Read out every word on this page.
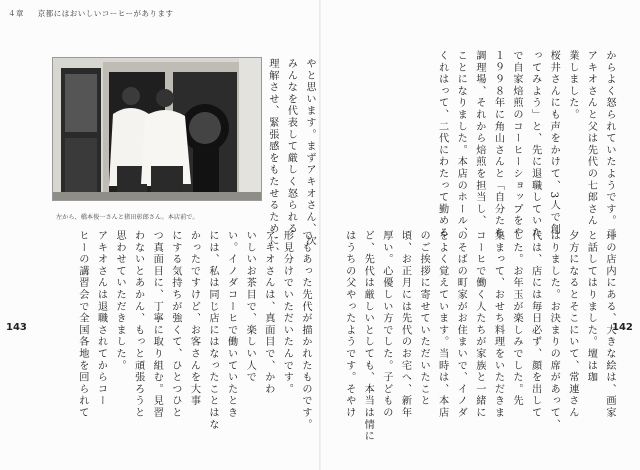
４章 　 京都にはおいしいコーヒーがあります
左から、橋本俊一さんと猪田彰郎さん。本店前で。	やと思います。まずアキオさん、次

みんなを代表して厳しく怒られる

理解させ、緊張感をもたせるために、

でもあった先代が描かれたものです。

形見分けでいただいたんです。

アキオさんは、真面目で、かわ

いしいお茶目で、楽しい人で

い。イノダコーヒで働いていたとき

には、私は同じ店にはなったことはな

かったですけど、お客さんを大事

にする気持ちが強くて、ひとつひと

つ真面目に、丁寧に取り組む。見習

わないとあかん、もっと頑張ろうと

思わせていただきました。

アキオさんは退職されてからコー

ヒーの講習会で全国各地を回られて

143

からよく怒られていたようです。二

アキオさんと父は先代の七郎さん

業しました。

桜井さんにも声をかけて、3人で創

ってみよう」と、先に退職していた

で自家焙煎のコーヒーショップをや

１９９８年に角山さんと「自分たち

調理場、それから焙煎を担当し、

ことになりました。本店のホール、

くれはって、二代にわたって勤める

琲の店内にある、大きな絵は、画家

と話してはりました。壇は珈

夕方になるとそこにいて、常連さん

はりました。お決まりの席があって、

代は、店には毎日必ず、顔を出して

した。お年玉が楽しみでした。先

集まって、おせち料理をいただきま

コーヒで働く人たちが家族と一緒に

のそばの町家がお住まいで、イノダ

をよく覚えています。当時は、本店

のご挨拶に寄せていただいたこと

頃、お正月には先代のお宅へ、新年

厚い。心優しい方でした。子どもの

ど、先代は厳しいとしても、本当は情に

はうちの父やったようです。そやけ	142
